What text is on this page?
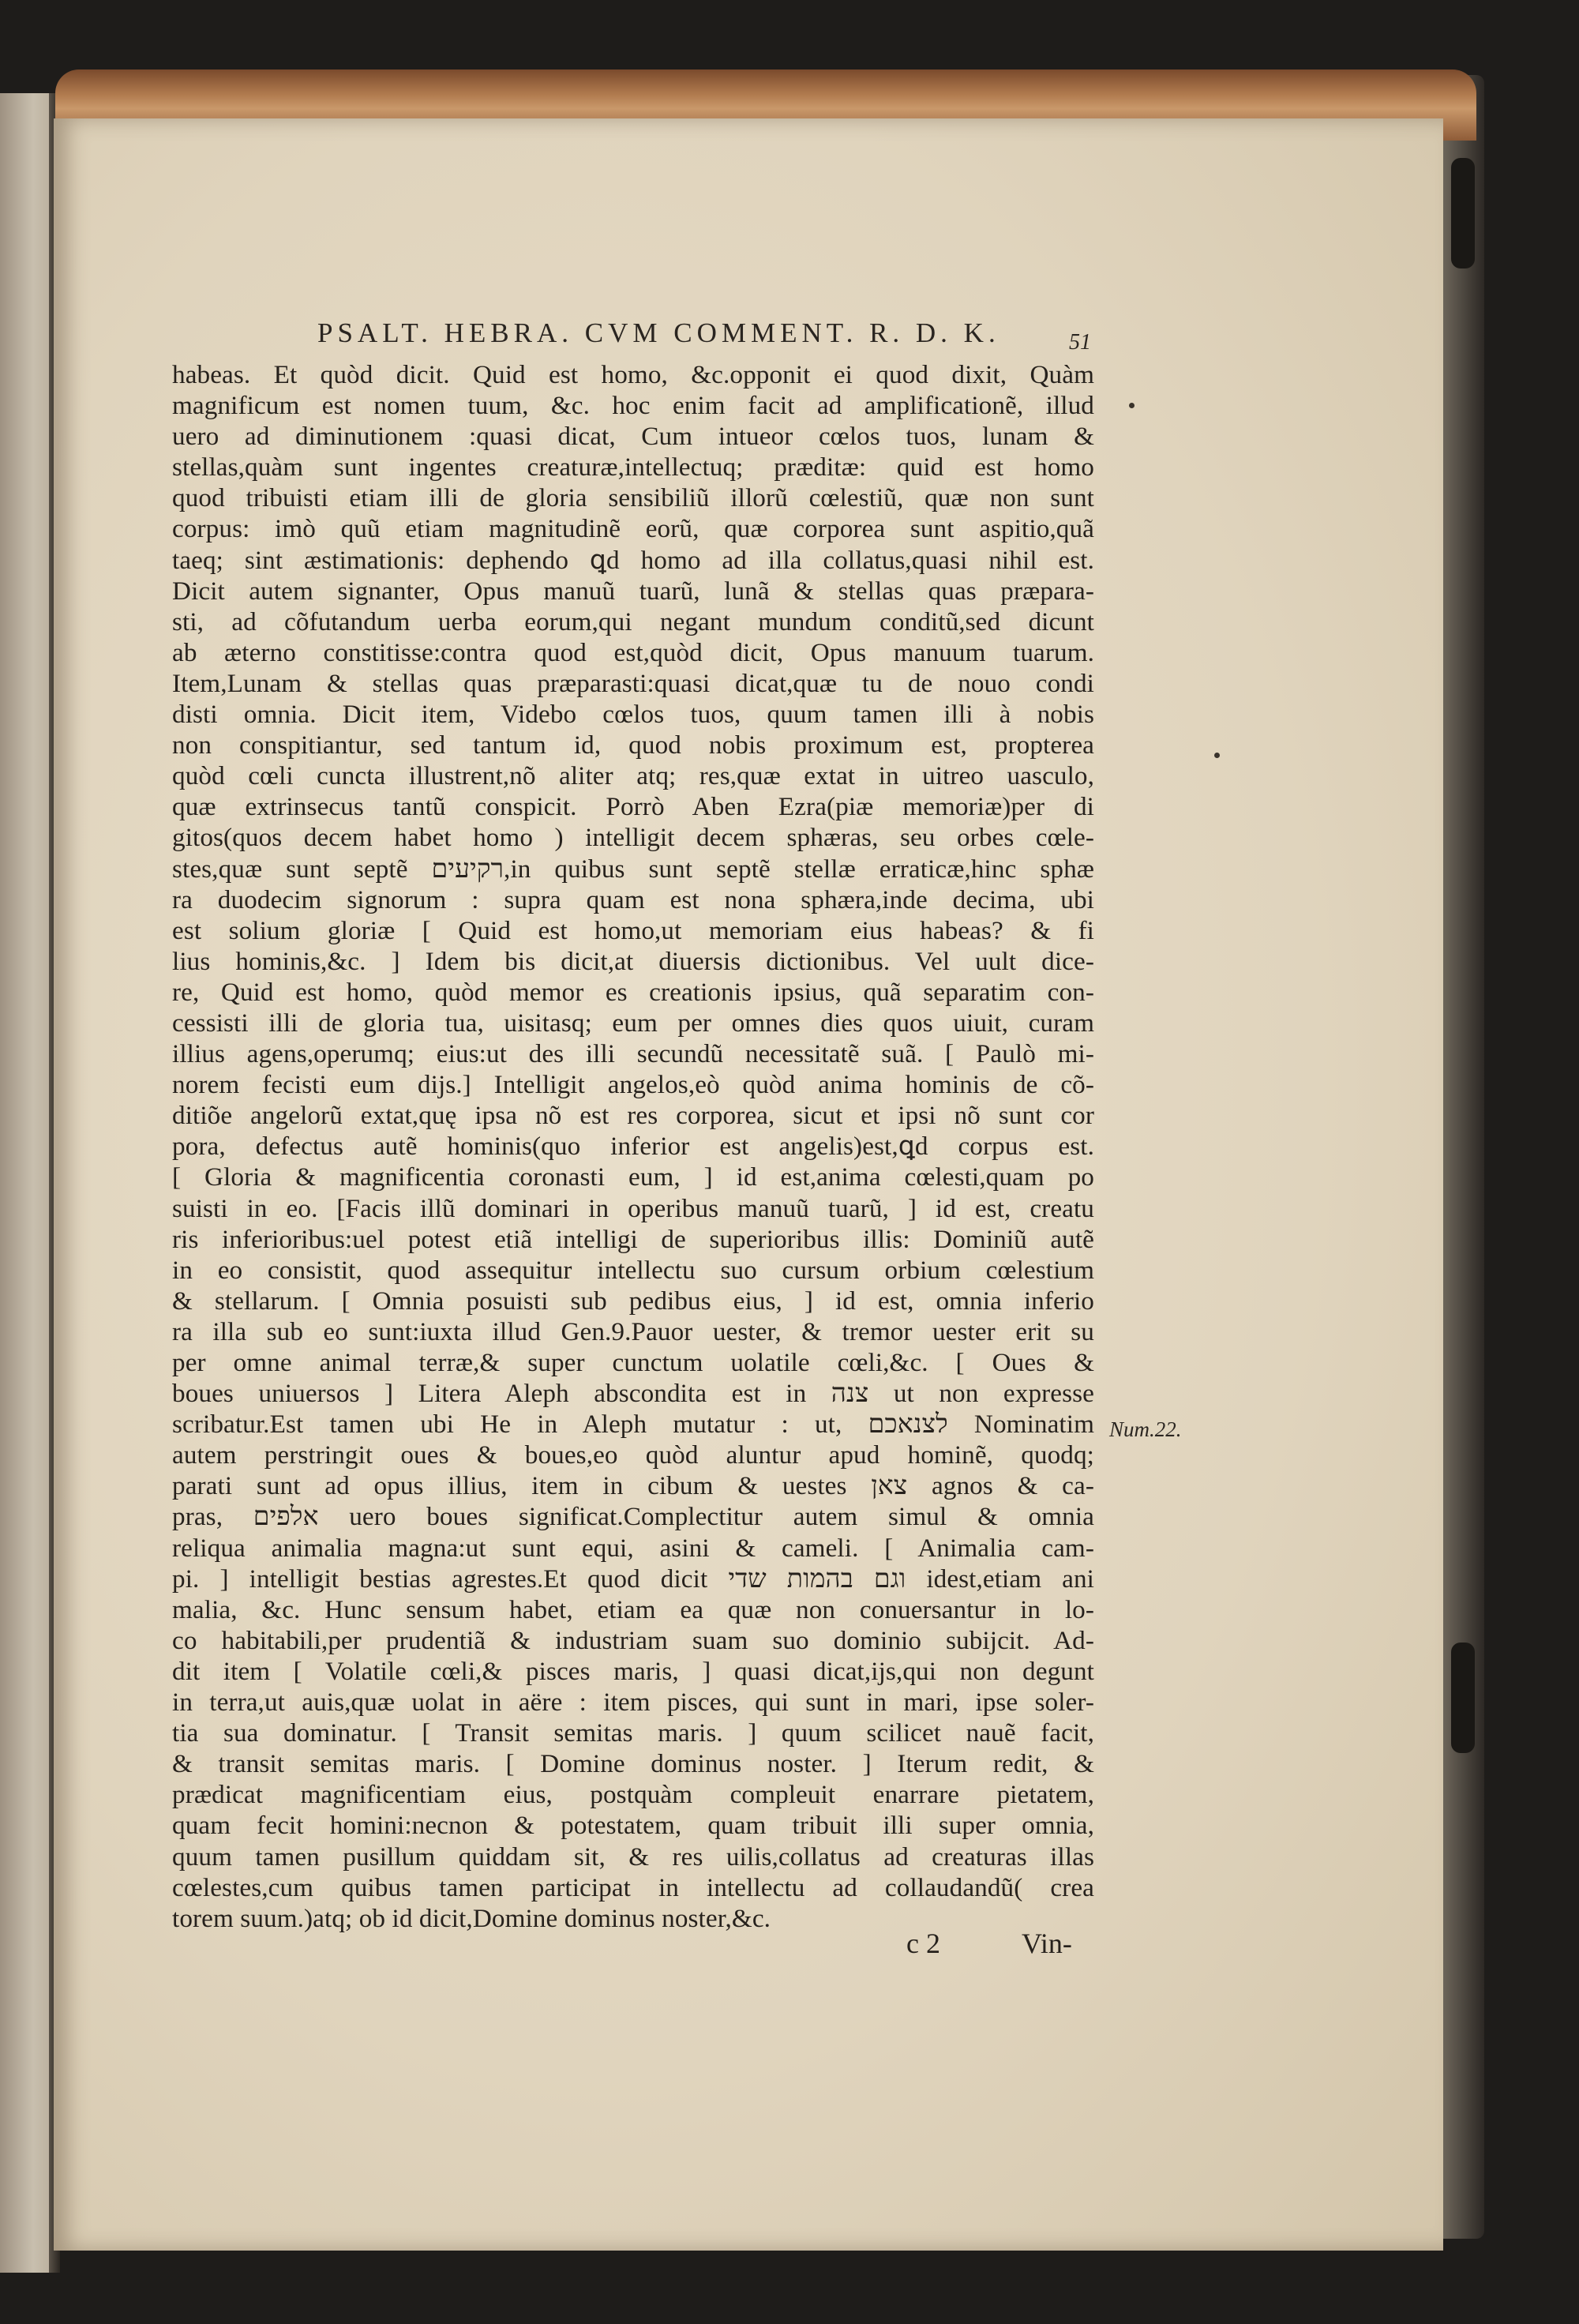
PSALT. HEBRA. CVM COMMENT. R. D. K.	51
habeas. Et quòd dicit. Quid est homo, &c.opponit ei quod dixit, Quàm
magnificum est nomen tuum, &c. hoc enim facit ad amplificationẽ, illud
uero ad diminutionem :quasi dicat, Cum intueor cœlos tuos, lunam &
stellas,quàm sunt ingentes creaturæ,intellectuq; præditæ: quid est homo
quod tribuisti etiam illi de gloria sensibiliũ illorũ cœlestiũ, quæ non sunt
corpus: imò quũ etiam magnitudinẽ eorũ, quæ corporea sunt aspitio,quã
taeq; sint æstimationis: dephendo ꝗd homo ad illa collatus,quasi nihil est.
Dicit autem signanter, Opus manuũ tuarũ, lunã & stellas quas præpara-
sti, ad cõfutandum uerba eorum,qui negant mundum conditũ,sed dicunt
ab æterno constitisse:contra quod est,quòd dicit, Opus manuum tuarum.
Item,Lunam & stellas quas præparasti:quasi dicat,quæ tu de nouo condi
disti omnia. Dicit item, Videbo cœlos tuos, quum tamen illi à nobis
non conspitiantur, sed tantum id, quod nobis proximum est, propterea
quòd cœli cuncta illustrent,nõ aliter atq; res,quæ extat in uitreo uasculo,
quæ extrinsecus tantũ conspicit. Porrò Aben Ezra(piæ memoriæ)per di
gitos(quos decem habet homo ) intelligit decem sphæras, seu orbes cœle-
stes,quæ sunt septẽ רקיעים,in quibus sunt septẽ stellæ erraticæ,hinc sphæ
ra duodecim signorum : supra quam est nona sphæra,inde decima, ubi
est solium gloriæ [ Quid est homo,ut memoriam eius habeas? & fi
lius hominis,&c. ] Idem bis dicit,at diuersis dictionibus. Vel uult dice-
re, Quid est homo, quòd memor es creationis ipsius, quã separatim con-
cessisti illi de gloria tua, uisitasq; eum per omnes dies quos uiuit, curam
illius agens,operumq; eius:ut des illi secundũ necessitatẽ suã. [ Paulò mi-
norem fecisti eum dijs.] Intelligit angelos,eò quòd anima hominis de cõ-
ditiõe angelorũ extat,quę ipsa nõ est res corporea, sicut et ipsi nõ sunt cor
pora, defectus autẽ hominis(quo inferior est angelis)est,ꝗd corpus est.
[ Gloria & magnificentia coronasti eum, ] id est,anima cœlesti,quam po
suisti in eo. [Facis illũ dominari in operibus manuũ tuarũ, ] id est, creatu
ris inferioribus:uel potest etiã intelligi de superioribus illis: Dominiũ autẽ
in eo consistit, quod assequitur intellectu suo cursum orbium cœlestium
& stellarum. [ Omnia posuisti sub pedibus eius, ] id est, omnia inferio
ra illa sub eo sunt:iuxta illud Gen.9.Pauor uester, & tremor uester erit su
per omne animal terræ,& super cunctum uolatile cœli,&c. [ Oues &
boues uniuersos ] Litera Aleph abscondita est in צנה ut non expresse
scribatur.Est tamen ubi He in Aleph mutatur : ut, לצנאכם Nominatim
autem perstringit oues & boues,eo quòd aluntur apud hominẽ, quodq;
parati sunt ad opus illius, item in cibum & uestes צאן agnos & ca-
pras, אלפים uero boues significat.Complectitur autem simul & omnia
reliqua animalia magna:ut sunt equi, asini & cameli. [ Animalia cam-
pi. ] intelligit bestias agrestes.Et quod dicit וגם בהמות שדי idest,etiam ani
malia, &c. Hunc sensum habet, etiam ea quæ non conuersantur in lo-
co habitabili,per prudentiã & industriam suam suo dominio subijcit. Ad-
dit item [ Volatile cœli,& pisces maris, ] quasi dicat,ijs,qui non degunt
in terra,ut auis,quæ uolat in aëre : item pisces, qui sunt in mari, ipse soler-
tia sua dominatur. [ Transit semitas maris. ] quum scilicet nauẽ facit,
& transit semitas maris. [ Domine dominus noster. ] Iterum redit, &
prædicat magnificentiam eius, postquàm compleuit enarrare pietatem,
quam fecit homini:necnon & potestatem, quam tribuit illi super omnia,
quum tamen pusillum quiddam sit, & res uilis,collatus ad creaturas illas
cœlestes,cum quibus tamen participat in intellectu ad collaudandũ( crea
torem suum.)atq; ob id dicit,Domine dominus noster,&c.
Num.22.
c 2	Vin-
